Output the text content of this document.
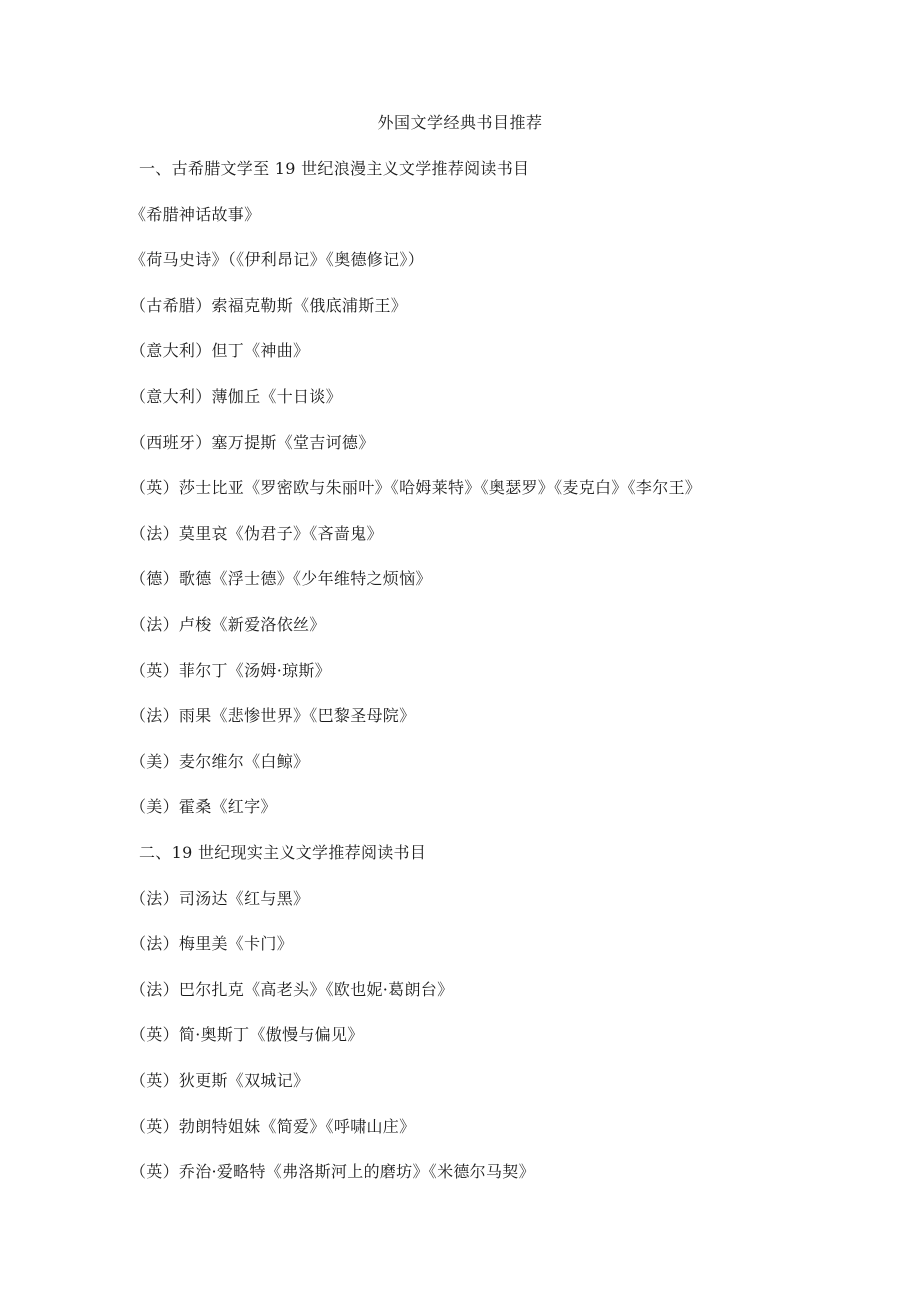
外国文学经典书目推荐
一、古希腊文学至 19 世纪浪漫主义文学推荐阅读书目
《希腊神话故事》
《荷马史诗》（《伊利昂记》《奥德修记》）
（古希腊）索福克勒斯《俄底浦斯王》
（意大利）但丁《神曲》
（意大利）薄伽丘《十日谈》
（西班牙）塞万提斯《堂吉诃德》
（英）莎士比亚《罗密欧与朱丽叶》《哈姆莱特》《奥瑟罗》《麦克白》《李尔王》
（法）莫里哀《伪君子》《吝啬鬼》
（德）歌德《浮士德》《少年维特之烦恼》
（法）卢梭《新爱洛依丝》
（英）菲尔丁《汤姆·琼斯》
（法）雨果《悲惨世界》《巴黎圣母院》
（美）麦尔维尔《白鲸》
（美）霍桑《红字》
二、19 世纪现实主义文学推荐阅读书目
（法）司汤达《红与黑》
（法）梅里美《卡门》
（法）巴尔扎克《高老头》《欧也妮·葛朗台》
（英）简·奥斯丁《傲慢与偏见》
（英）狄更斯《双城记》
（英）勃朗特姐妹《简爱》《呼啸山庄》
（英）乔治·爱略特《弗洛斯河上的磨坊》《米德尔马契》
